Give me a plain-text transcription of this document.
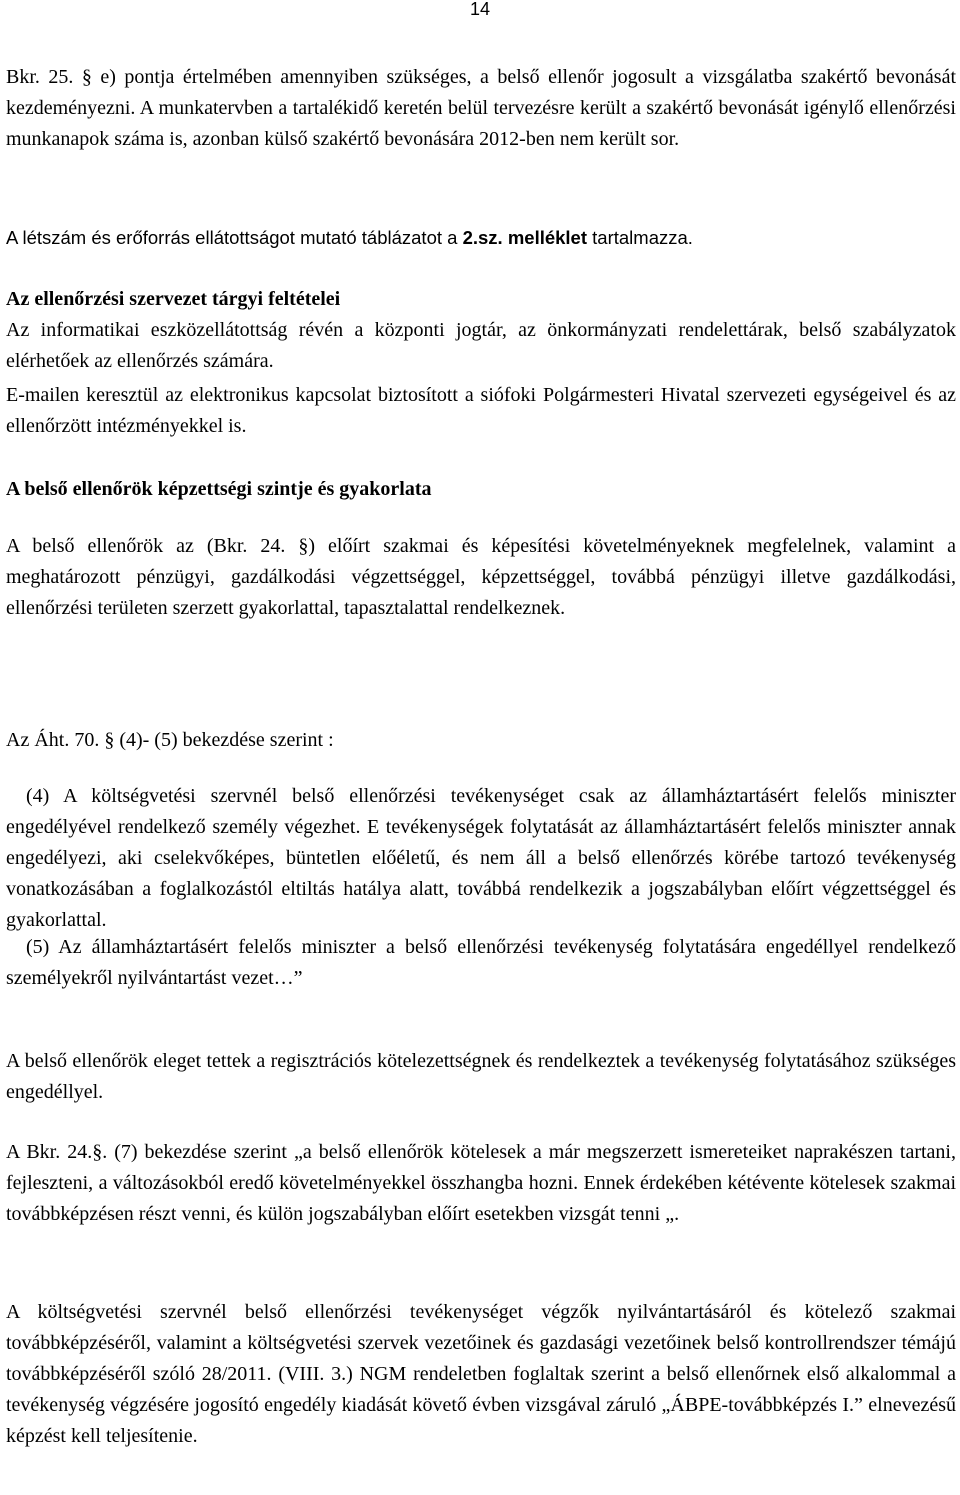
14

Bkr. 25. § e) pontja értelmében amennyiben szükséges, a belső ellenőr jogosult a vizsgálatba szakértő bevonását kezdeményezni. A munkatervben a tartalékidő keretén belül tervezésre került a szakértő bevonását igénylő ellenőrzési munkanapok száma is, azonban külső szakértő bevonására 2012-ben nem került sor.

A létszám és erőforrás ellátottságot mutató táblázatot a 2.sz. melléklet tartalmazza.

Az ellenőrzési szervezet tárgyi feltételei

Az informatikai eszközellátottság révén a központi jogtár, az önkormányzati rendelettárak, belső szabályzatok elérhetőek az ellenőrzés számára.

E-mailen keresztül az elektronikus kapcsolat biztosított a siófoki Polgármesteri Hivatal szervezeti egységeivel és az ellenőrzött intézményekkel is.

A belső ellenőrök képzettségi szintje és gyakorlata

A belső ellenőrök az (Bkr. 24. §) előírt szakmai és képesítési követelményeknek megfelelnek, valamint a meghatározott pénzügyi, gazdálkodási végzettséggel, képzettséggel, továbbá pénzügyi illetve gazdálkodási, ellenőrzési területen szerzett gyakorlattal, tapasztalattal rendelkeznek.

Az Áht. 70. § (4)- (5) bekezdése szerint :

(4) A költségvetési szervnél belső ellenőrzési tevékenységet csak az államháztartásért felelős miniszter engedélyével rendelkező személy végezhet. E tevékenységek folytatását az államháztartásért felelős miniszter annak engedélyezi, aki cselekvőképes, büntetlen előéletű, és nem áll a belső ellenőrzés körébe tartozó tevékenység vonatkozásában a foglalkozástól eltiltás hatálya alatt, továbbá rendelkezik a jogszabályban előírt végzettséggel és gyakorlattal.

(5) Az államháztartásért felelős miniszter a belső ellenőrzési tevékenység folytatására engedéllyel rendelkező személyekről nyilvántartást vezet…”

A belső ellenőrök eleget tettek a regisztrációs kötelezettségnek és rendelkeztek a tevékenység folytatásához szükséges engedéllyel.

A Bkr. 24.§. (7) bekezdése szerint „a belső ellenőrök kötelesek a már megszerzett ismereteiket naprakészen tartani, fejleszteni, a változásokból eredő követelményekkel összhangba hozni. Ennek érdekében kétévente kötelesek szakmai továbbképzésen részt venni, és külön jogszabályban előírt esetekben vizsgát tenni „.

A költségvetési szervnél belső ellenőrzési tevékenységet végzők nyilvántartásáról és kötelező szakmai továbbképzéséről, valamint a költségvetési szervek vezetőinek és gazdasági vezetőinek belső kontrollrendszer témájú továbbképzéséről szóló 28/2011. (VIII. 3.) NGM rendeletben foglaltak szerint a belső ellenőrnek első alkalommal a tevékenység végzésére jogosító engedély kiadását követő évben vizsgával záruló „ÁBPE-továbbképzés I.” elnevezésű képzést kell teljesítenie.
